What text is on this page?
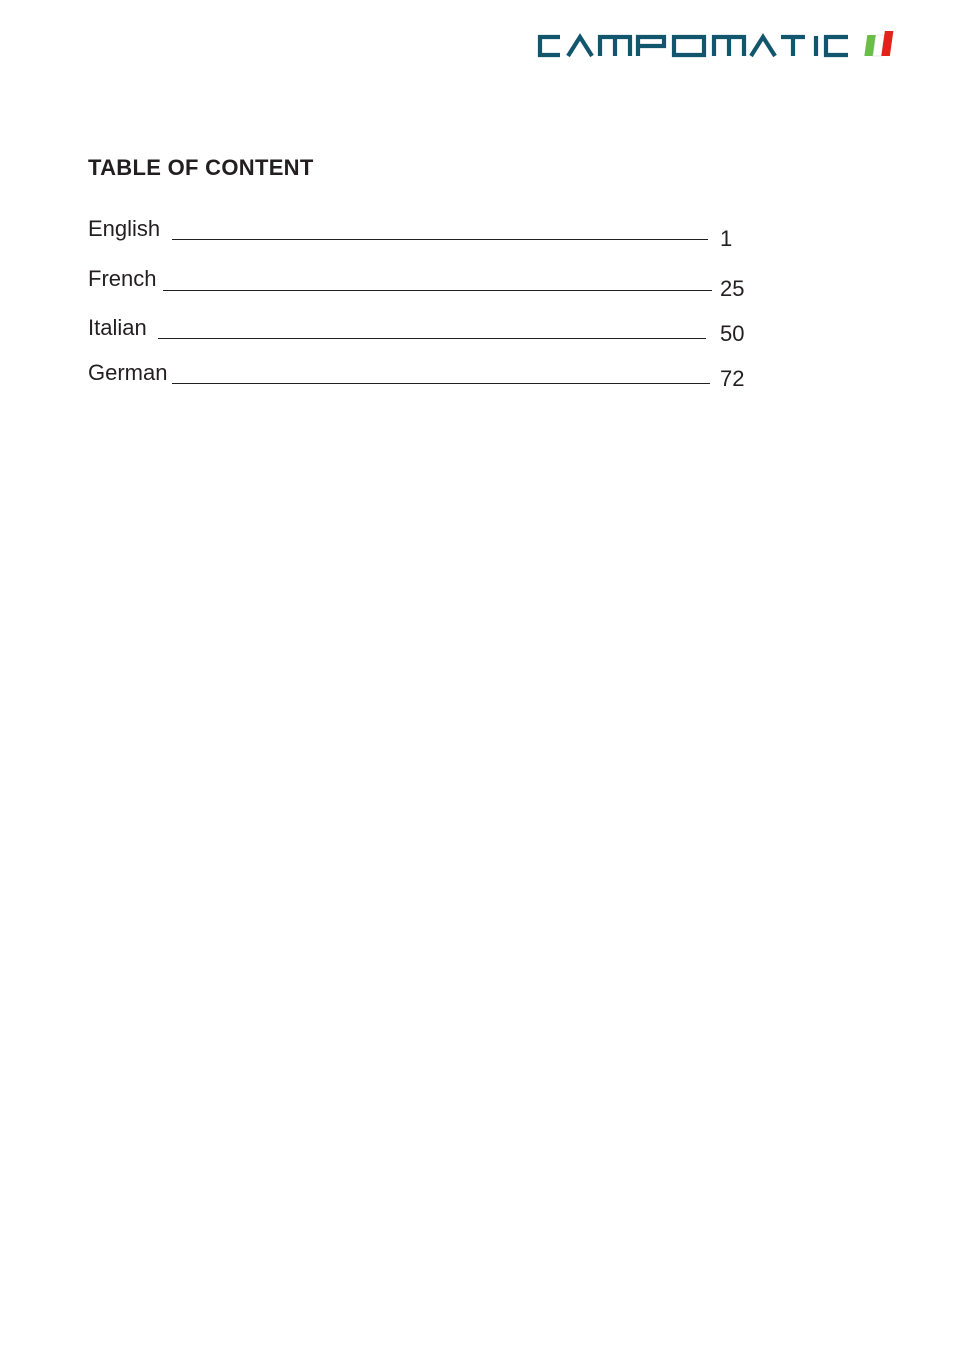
TABLE OF CONTENT
English	1
French	25
Italian	50
German	72
